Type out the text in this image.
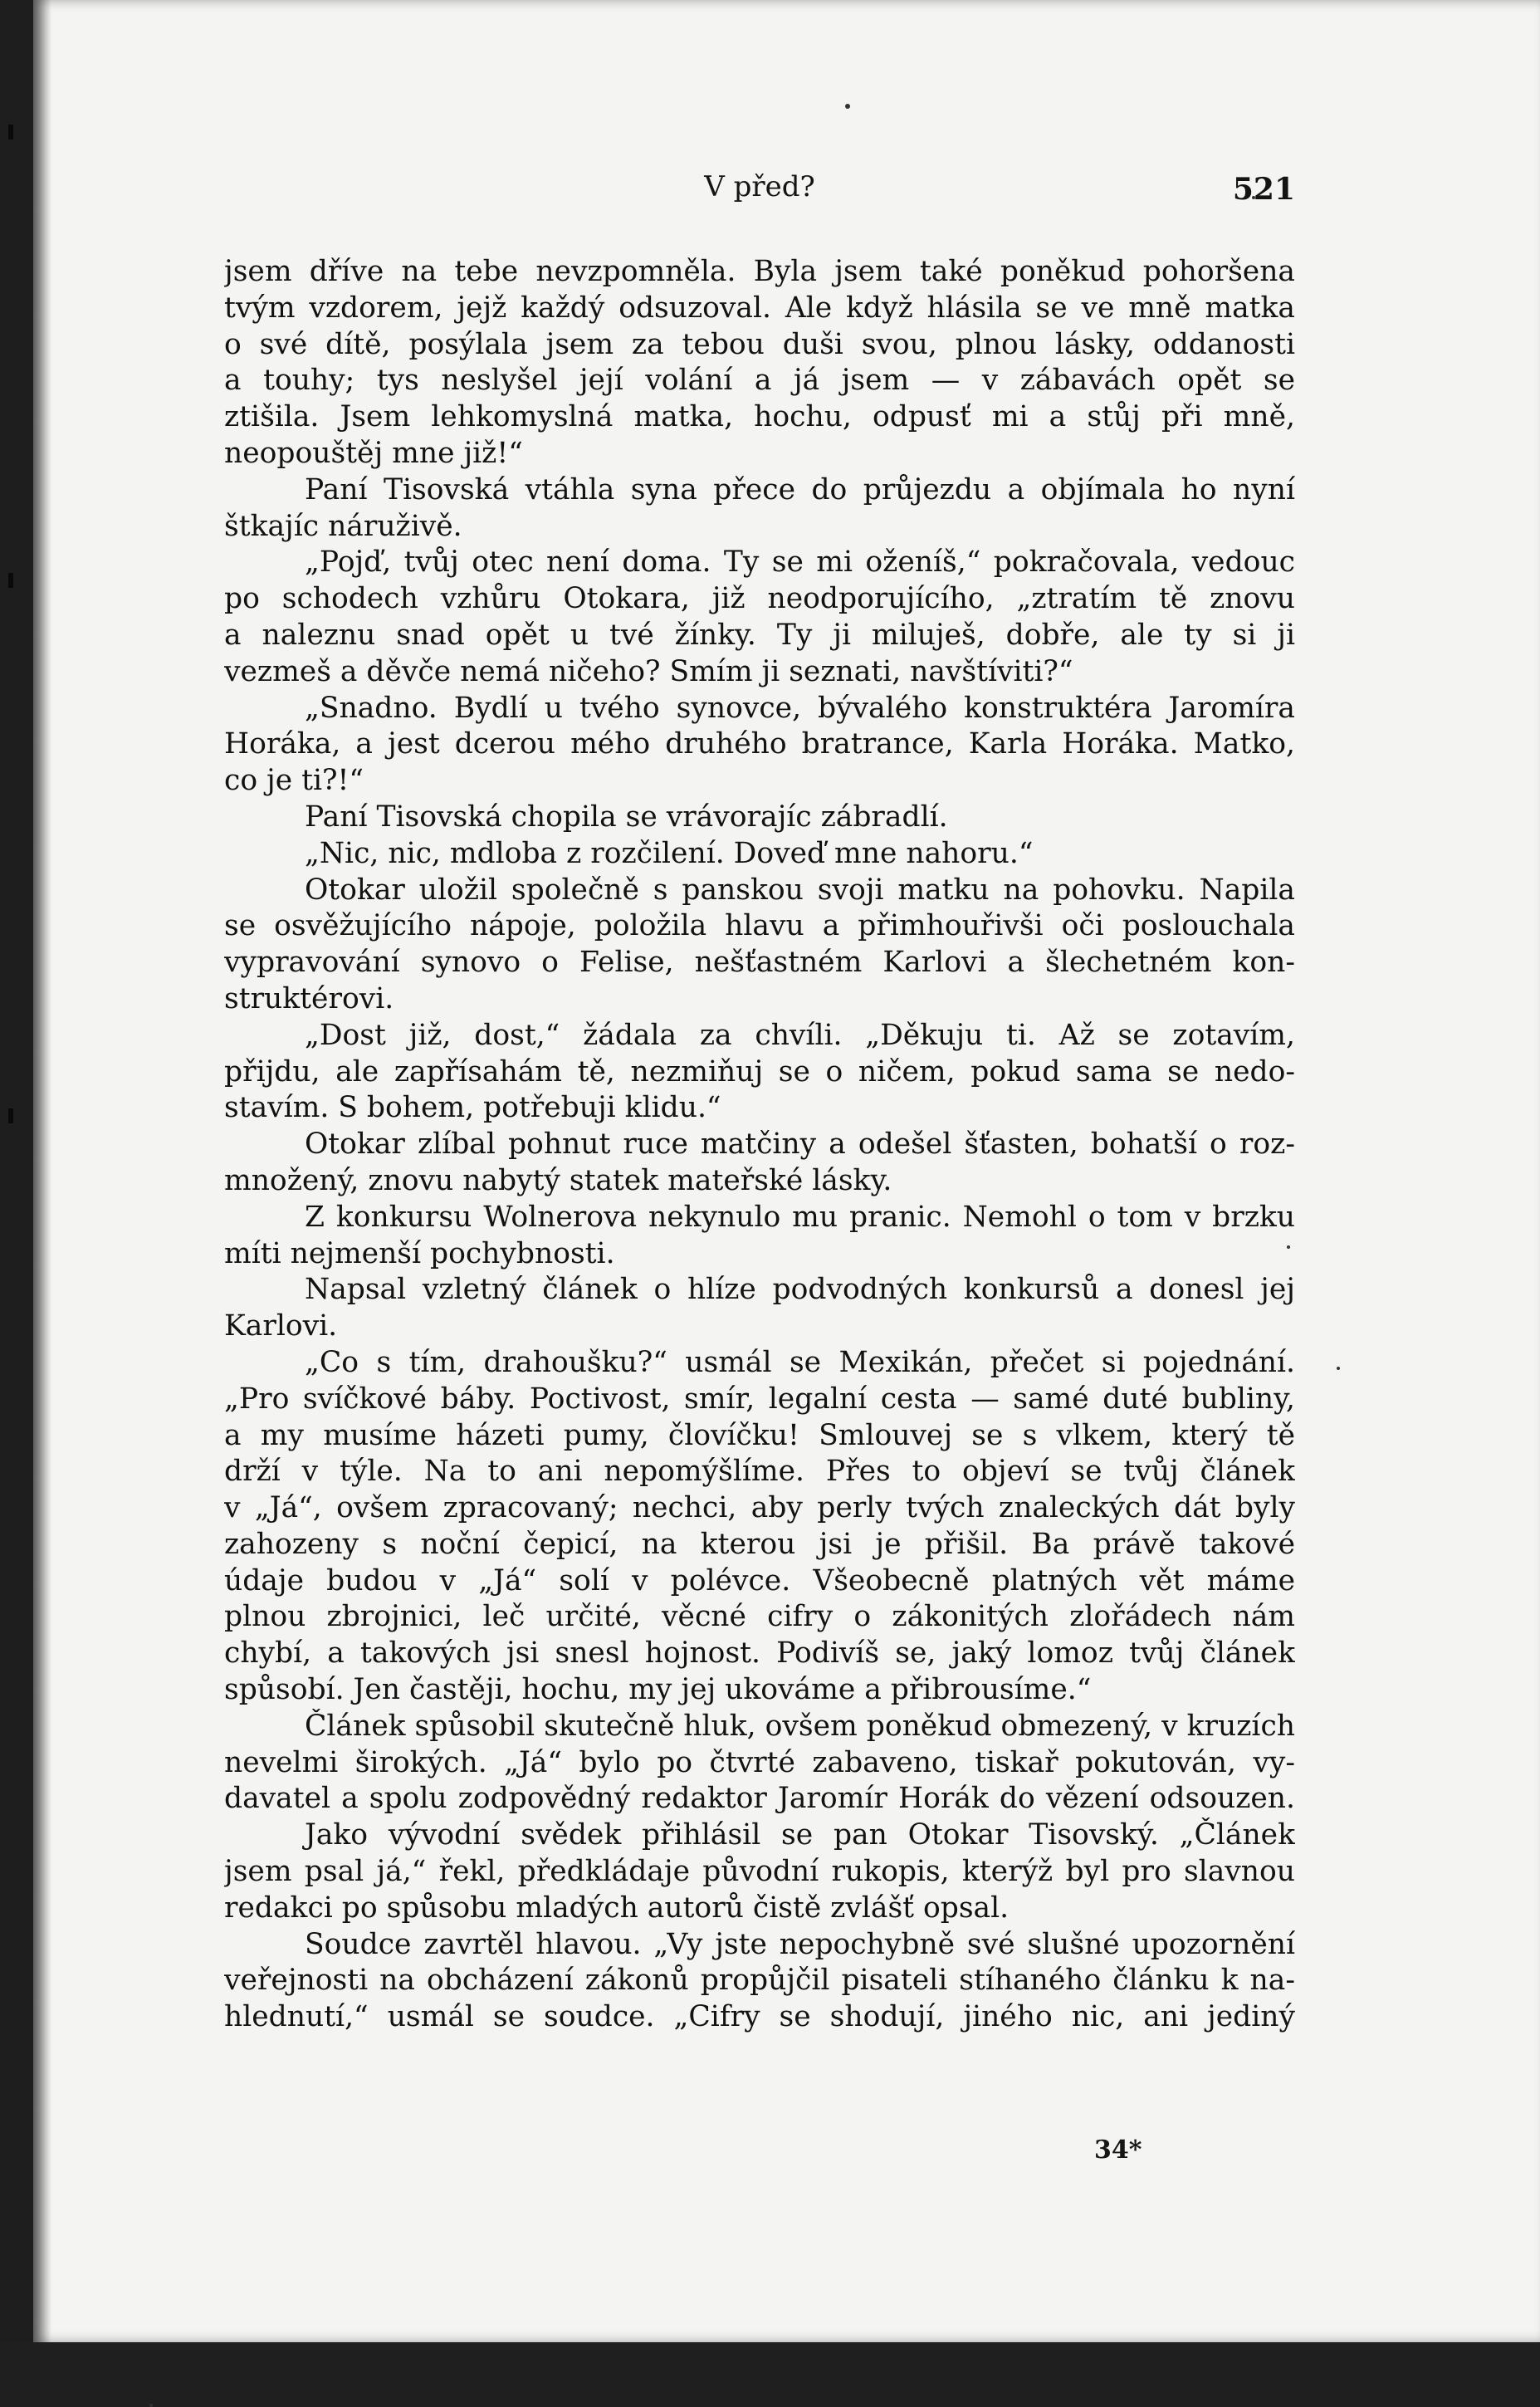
V před?	521
jsem dříve na tebe nevzpomněla. Byla jsem také poněkud pohoršena
tvým vzdorem, jejž každý odsuzoval. Ale když hlásila se ve mně matka
o své dítě, posýlala jsem za tebou duši svou, plnou lásky, oddanosti
a touhy; tys neslyšel její volání a já jsem — v zábavách opět se
ztišila. Jsem lehkomyslná matka, hochu, odpusť mi a stůj při mně,
neopouštěj mne již!“
Paní Tisovská vtáhla syna přece do průjezdu a objímala ho nyní
štkajíc náruživě.
„Pojď, tvůj otec není doma. Ty se mi oženíš,“ pokračovala, vedouc
po schodech vzhůru Otokara, již neodporujícího, „ztratím tě znovu
a naleznu snad opět u tvé žínky. Ty ji miluješ, dobře, ale ty si ji
vezmeš a děvče nemá ničeho? Smím ji seznati, navštíviti?“
„Snadno. Bydlí u tvého synovce, bývalého konstruktéra Jaromíra
Horáka, a jest dcerou mého druhého bratrance, Karla Horáka. Matko,
co je ti?!“
Paní Tisovská chopila se vrávorajíc zábradlí.
„Nic, nic, mdloba z rozčilení. Doveď mne nahoru.“
Otokar uložil společně s panskou svoji matku na pohovku. Napila
se osvěžujícího nápoje, položila hlavu a přimhouřivši oči poslouchala
vypravování synovo o Felise, nešťastném Karlovi a šlechetném kon-
struktérovi.
„Dost již, dost,“ žádala za chvíli. „Děkuju ti. Až se zotavím,
přijdu, ale zapřísahám tě, nezmiňuj se o ničem, pokud sama se nedo-
stavím. S bohem, potřebuji klidu.“
Otokar zlíbal pohnut ruce matčiny a odešel šťasten, bohatší o roz-
množený, znovu nabytý statek mateřské lásky.
Z konkursu Wolnerova nekynulo mu pranic. Nemohl o tom v brzku
míti nejmenší pochybnosti.
Napsal vzletný článek o hlíze podvodných konkursů a donesl jej
Karlovi.
„Co s tím, drahoušku?“ usmál se Mexikán, přečet si pojednání.
„Pro svíčkové báby. Poctivost, smír, legalní cesta — samé duté bubliny,
a my musíme házeti pumy, človíčku! Smlouvej se s vlkem, který tě
drží v týle. Na to ani nepomýšlíme. Přes to objeví se tvůj článek
v „Já“, ovšem zpracovaný; nechci, aby perly tvých znaleckých dát byly
zahozeny s noční čepicí, na kterou jsi je přišil. Ba právě takové
údaje budou v „Já“ solí v polévce. Všeobecně platných vět máme
plnou zbrojnici, leč určité, věcné cifry o zákonitých zlořádech nám
chybí, a takových jsi snesl hojnost. Podivíš se, jaký lomoz tvůj článek
spůsobí. Jen častěji, hochu, my jej ukováme a přibrousíme.“
Článek spůsobil skutečně hluk, ovšem poněkud obmezený, v kruzích
nevelmi širokých. „Já“ bylo po čtvrté zabaveno, tiskař pokutován, vy-
davatel a spolu zodpovědný redaktor Jaromír Horák do vězení odsouzen.
Jako vývodní svědek přihlásil se pan Otokar Tisovský. „Článek
jsem psal já,“ řekl, předkládaje původní rukopis, kterýž byl pro slavnou
redakci po spůsobu mladých autorů čistě zvlášť opsal.
Soudce zavrtěl hlavou. „Vy jste nepochybně své slušné upozornění
veřejnosti na obcházení zákonů propůjčil pisateli stíhaného článku k na-
hlednutí,“ usmál se soudce. „Cifry se shodují, jiného nic, ani jediný
34*
